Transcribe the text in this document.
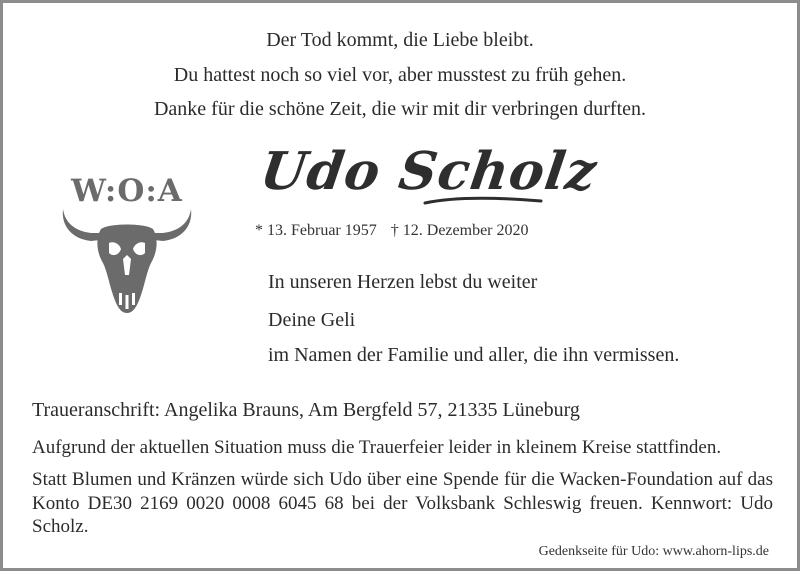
Der Tod kommt, die Liebe bleibt.
Du hattest noch so viel vor, aber musstest zu früh gehen.
Danke für die schöne Zeit, die wir mit dir verbringen durften.
W:O:A	Udo Scholz
* 13. Februar 1957 † 12. Dezember 2020
In unseren Herzen lebst du weiter
Deine Geli
im Namen der Familie und aller, die ihn vermissen.
Traueranschrift: Angelika Brauns, Am Bergfeld 57, 21335 Lüneburg
Aufgrund der aktuellen Situation muss die Trauerfeier leider in kleinem Kreise stattfinden.
Statt Blumen und Kränzen würde sich Udo über eine Spende für die Wacken-Foundation auf das Konto DE30 2169 0020 0008 6045 68 bei der Volksbank Schleswig freuen. Kennwort: Udo Scholz.
Gedenkseite für Udo: www.ahorn-lips.de
